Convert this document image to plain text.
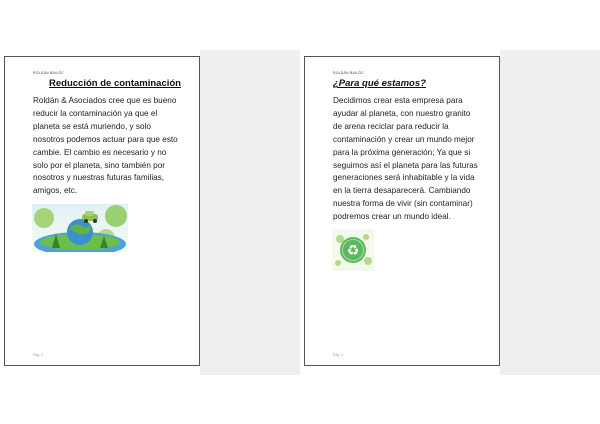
ROLDÁN BAILÓC
Reducción de contaminación
Roldán & Asociados cree que es bueno
reducir la contaminación ya que el
planeta se está muriendo, y solo
nosotros podemos actuar para que esto
cambie. El cambio es necesario y no
solo por el planeta, sino también por
nosotros y nuestras futuras familias,
amigos, etc.
Pág. 1
ROLDÁN BAILÓC
¿Para qué estamos?
Decidimos crear esta empresa para
ayudar al planeta, con nuestro granito
de arena reciclar para reducir la
contaminación y crear un mundo mejor
para la próxima generación; Ya que si
seguimos así el planeta para las futuras
generaciones será inhabitable y la vida
en la tierra desaparecerá. Cambiando
nuestra forma de vivir (sin contaminar)
podremos crear un mundo ideal.
♻
Pág. 2
